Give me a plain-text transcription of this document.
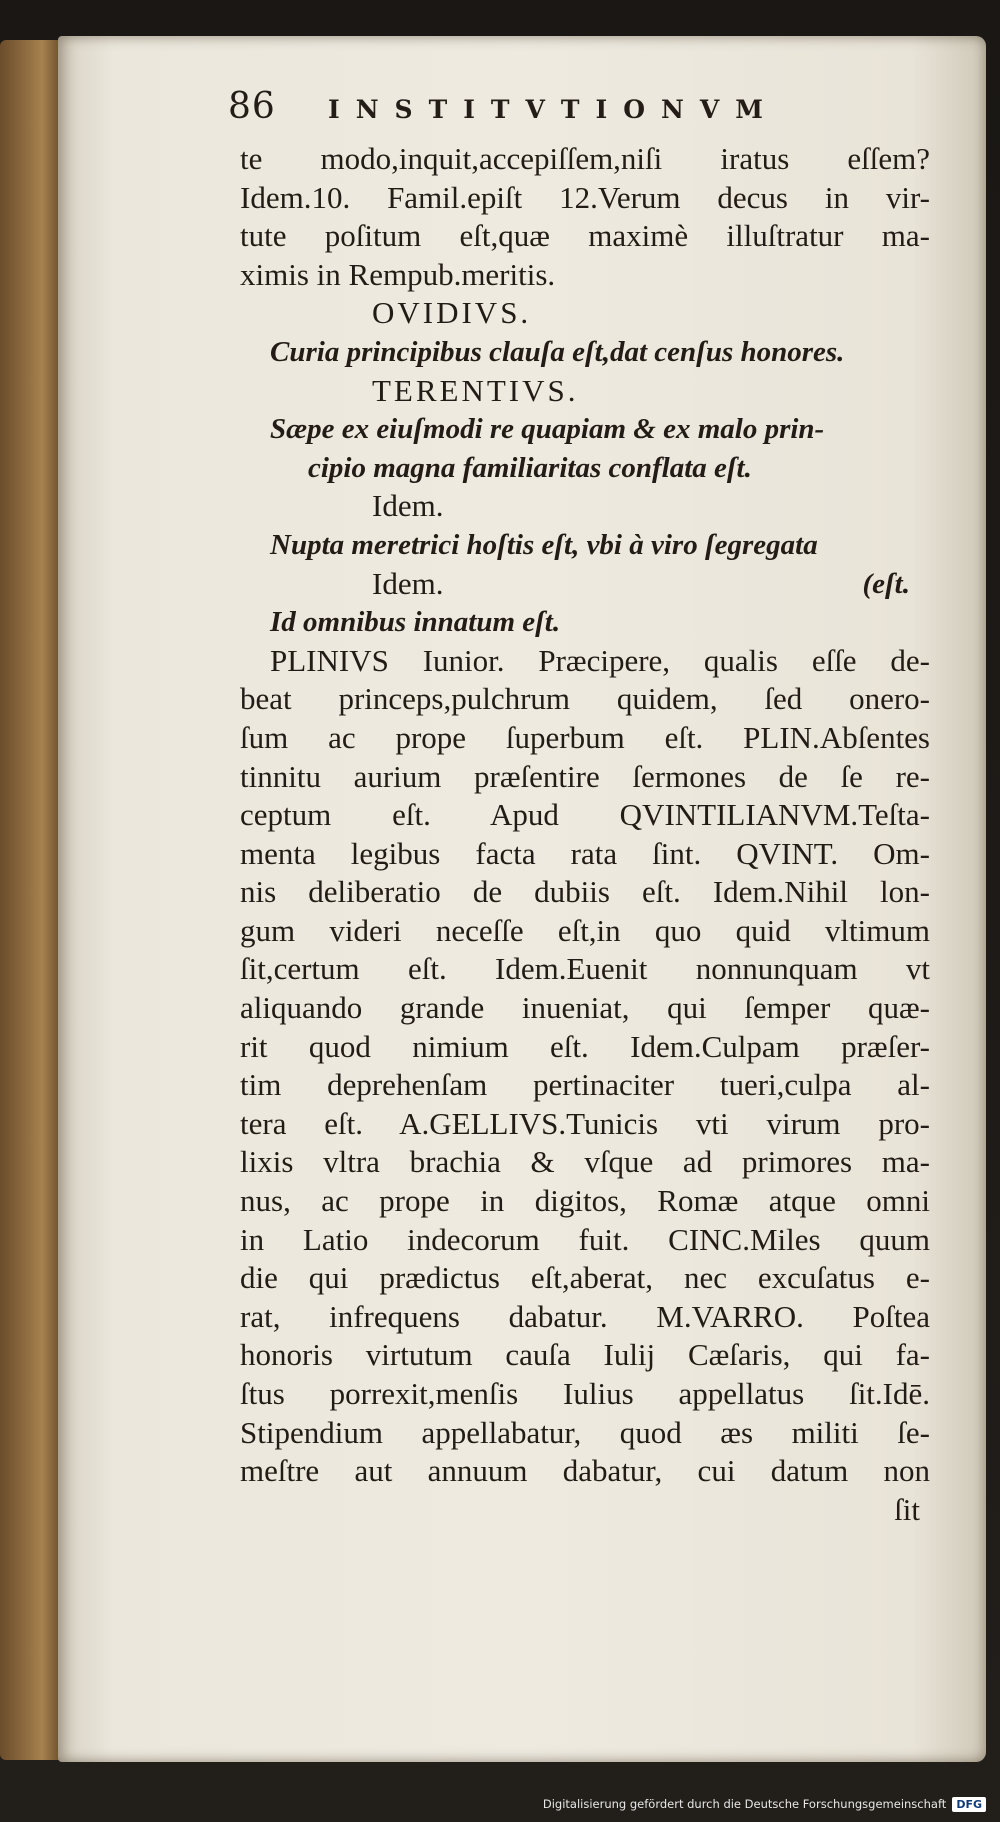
86	INSTITVTIONVM
te modo,inquit,accepiſſem,niſi iratus eſſem?
Idem.10. Famil.epiſt 12.Verum decus in vir-
tute poſitum eſt,quæ maximè illuſtratur ma-
ximis in Rempub.meritis.
OVIDIVS.
Curia principibus clauſa eſt,dat cenſus honores.
TERENTIVS.
Sæpe ex eiuſmodi re quapiam & ex malo prin-
cipio magna familiaritas conflata eſt.
Idem.
Nupta meretrici hoſtis eſt, vbi à viro ſegregata
Idem.	(eſt.
Id omnibus innatum eſt.
PLINIVS Iunior. Præcipere, qualis eſſe de-
beat princeps,pulchrum quidem, ſed onero-
ſum ac prope ſuperbum eſt. PLIN.Abſentes
tinnitu aurium præſentire ſermones de ſe re-
ceptum eſt. Apud QVINTILIANVM.Teſta-
menta legibus facta rata ſint. QVINT. Om-
nis deliberatio de dubiis eſt. Idem.Nihil lon-
gum videri neceſſe eſt,in quo quid vltimum
ſit,certum eſt. Idem.Euenit nonnunquam vt
aliquando grande inueniat, qui ſemper quæ-
rit quod nimium eſt. Idem.Culpam præſer-
tim deprehenſam pertinaciter tueri,culpa al-
tera eſt. A.GELLIVS.Tunicis vti virum pro-
lixis vltra brachia & vſque ad primores ma-
nus, ac prope in digitos, Romæ atque omni
in Latio indecorum fuit. CINC.Miles quum
die qui prædictus eſt,aberat, nec excuſatus e-
rat, infrequens dabatur. M.VARRO. Poſtea
honoris virtutum cauſa Iulij Cæſaris, qui fa-
ſtus porrexit,menſis Iulius appellatus ſit.Idē.
Stipendium appellabatur, quod æs militi ſe-
meſtre aut annuum dabatur, cui datum non
ſit
Digitalisierung gefördert durch die Deutsche Forschungsgemeinschaft DFG
